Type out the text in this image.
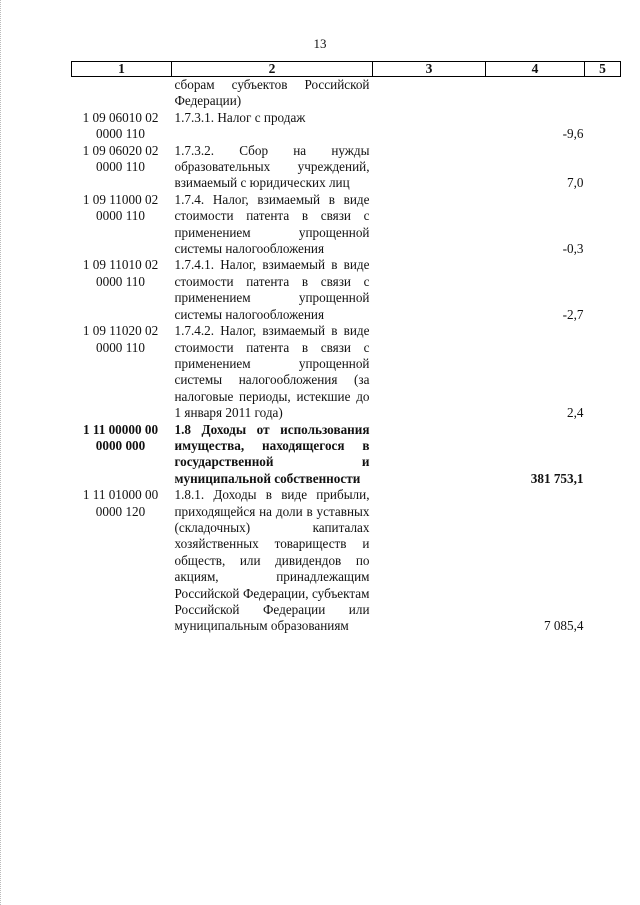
13
1	2	3	4	5
	сборам субъектов Российской Федерации)			
1 09 06010 02 0000 110	1.7.3.1. Налог с продаж		-9,6	
1 09 06020 02 0000 110	1.7.3.2. Сбор на нужды образовательных учреждений, взимаемый с юридических лиц		7,0	
1 09 11000 02 0000 110	1.7.4. Налог, взимаемый в виде стоимости патента в связи с применением упрощенной системы налогообложения		-0,3	
1 09 11010 02 0000 110	1.7.4.1. Налог, взимаемый в виде стоимости патента в связи с применением упрощенной системы налогообложения		-2,7	
1 09 11020 02 0000 110	1.7.4.2. Налог, взимаемый в виде стоимости патента в связи с применением упрощенной системы налогообложения (за налоговые периоды, истекшие до 1 января 2011 года)		2,4	
1 11 00000 00 0000 000	1.8 Доходы от использования имущества, находящегося в государственной и муниципальной собственности		381 753,1	
1 11 01000 00 0000 120	1.8.1. Доходы в виде прибыли, приходящейся на доли в уставных (складочных) капиталах хозяйственных товариществ и обществ, или дивидендов по акциям, принадлежащим Российской Федерации, субъектам Российской Федерации или муниципальным образованиям		7 085,4	
